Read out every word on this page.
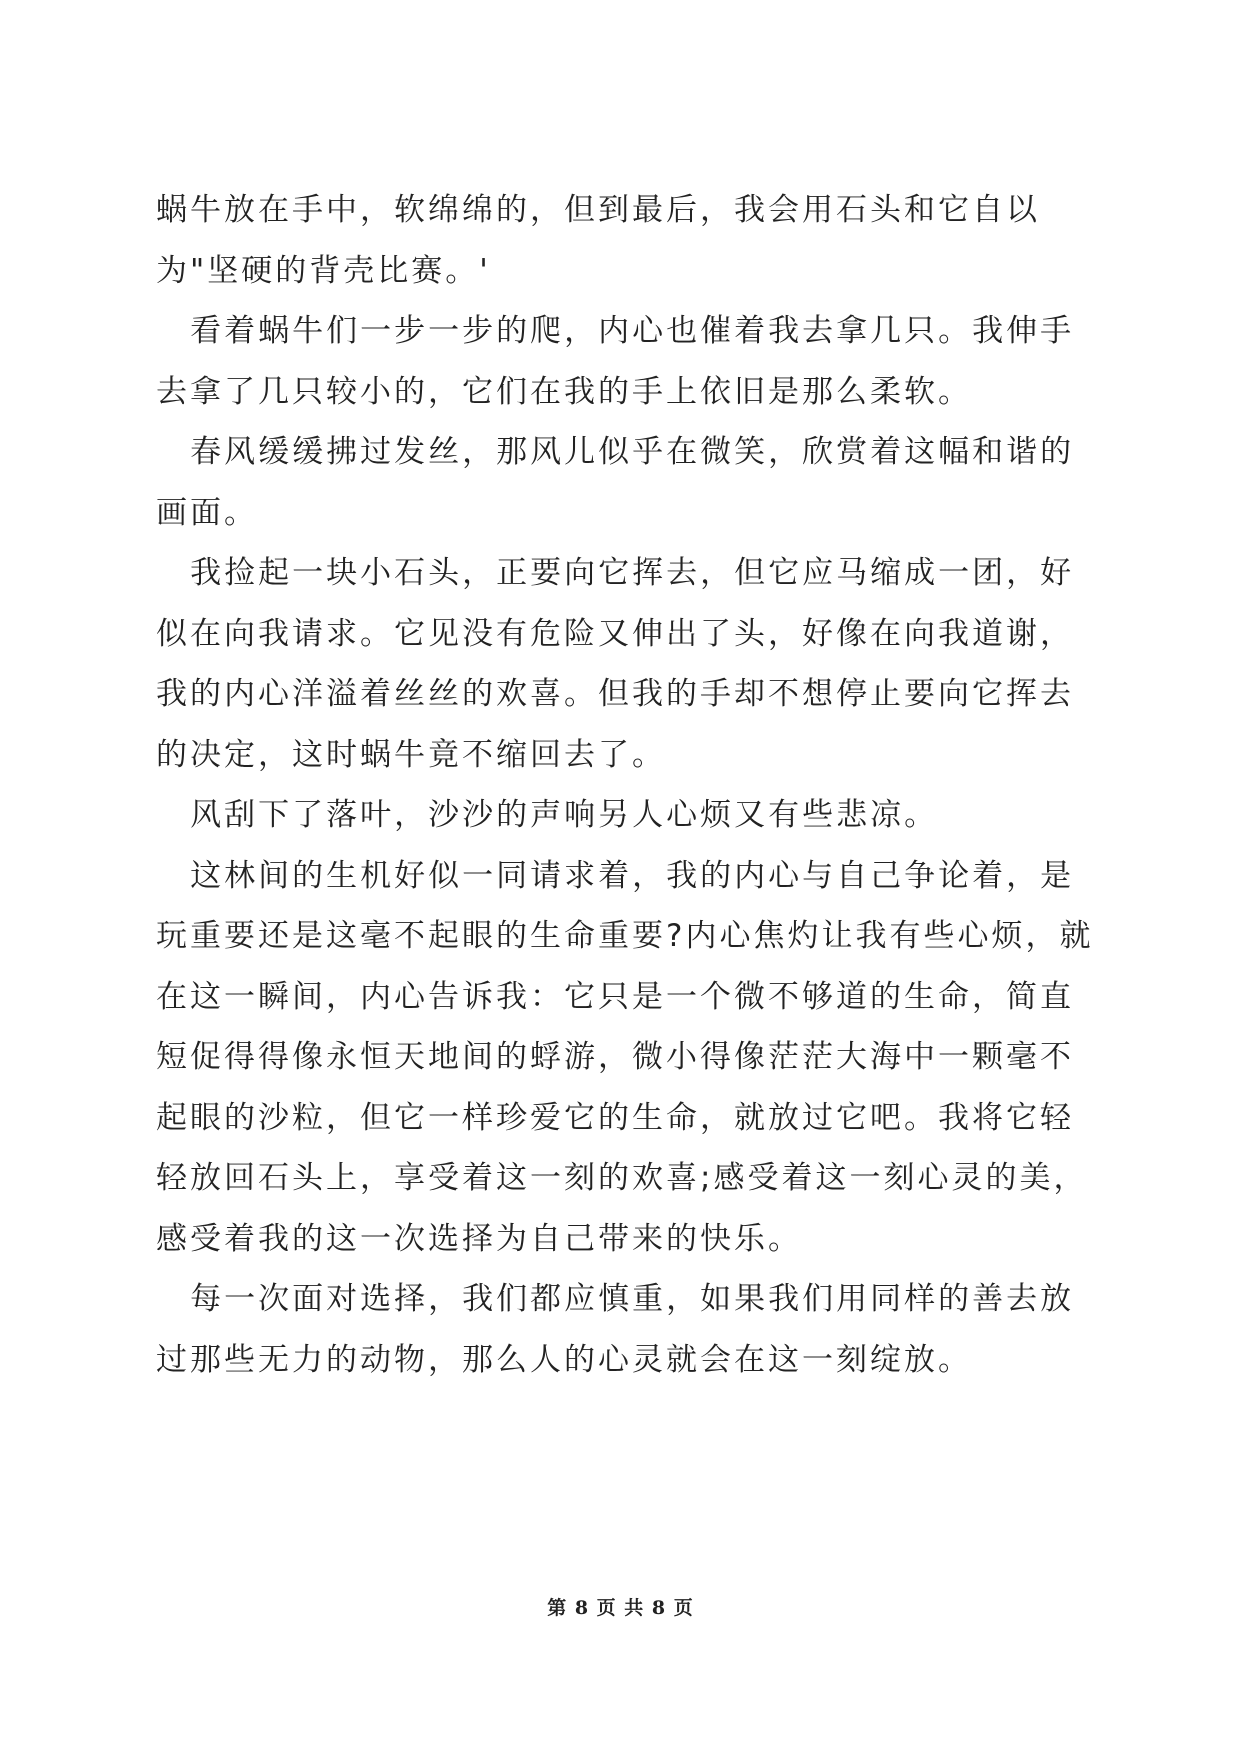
蜗牛放在手中，软绵绵的，但到最后，我会用石头和它自以为"坚硬的背壳比赛。'

看着蜗牛们一步一步的爬，内心也催着我去拿几只。我伸手去拿了几只较小的，它们在我的手上依旧是那么柔软。

春风缓缓拂过发丝，那风儿似乎在微笑，欣赏着这幅和谐的画面。

我捡起一块小石头，正要向它挥去，但它应马缩成一团，好似在向我请求。它见没有危险又伸出了头，好像在向我道谢，我的内心洋溢着丝丝的欢喜。但我的手却不想停止要向它挥去的决定，这时蜗牛竟不缩回去了。

风刮下了落叶，沙沙的声响另人心烦又有些悲凉。

这林间的生机好似一同请求着，我的内心与自己争论着，是玩重要还是这毫不起眼的生命重要?内心焦灼让我有些心烦，就在这一瞬间，内心告诉我：它只是一个微不够道的生命，简直短促得得像永恒天地间的蜉游，微小得像茫茫大海中一颗毫不起眼的沙粒，但它一样珍爱它的生命，就放过它吧。我将它轻轻放回石头上，享受着这一刻的欢喜;感受着这一刻心灵的美，感受着我的这一次选择为自己带来的快乐。

每一次面对选择，我们都应慎重，如果我们用同样的善去放过那些无力的动物，那么人的心灵就会在这一刻绽放。

第 8 页 共 8 页
